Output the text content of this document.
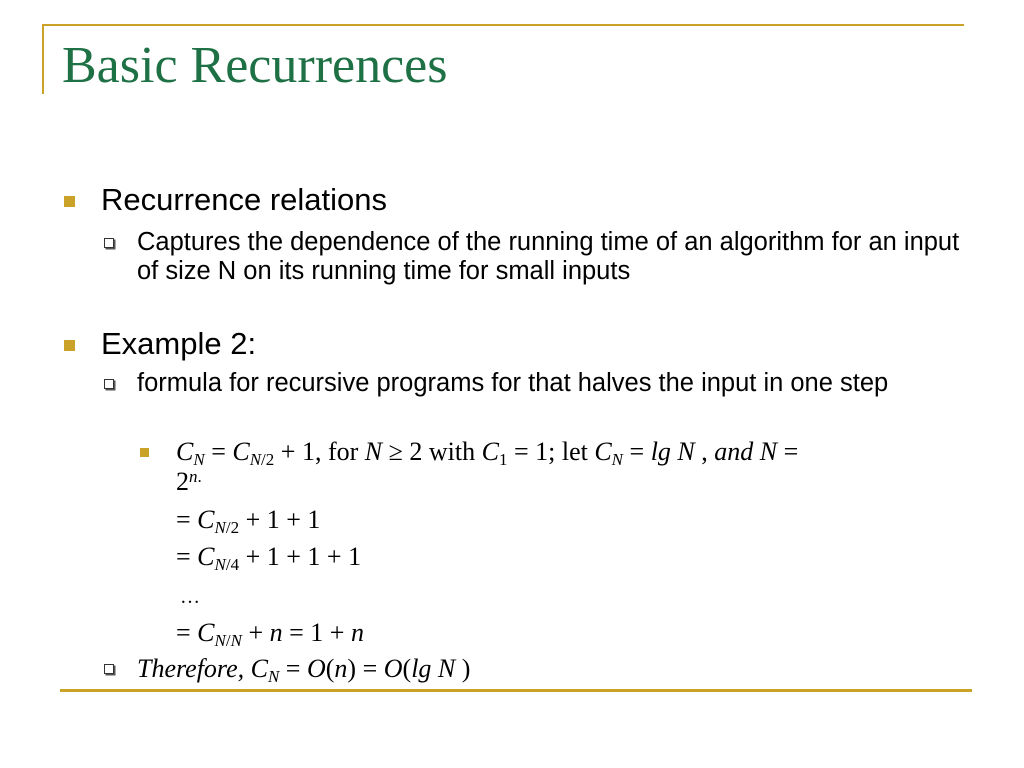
Basic Recurrences
Recurrence relations
Captures the dependence of the running time of an algorithm for an input of size N on its running time for small inputs
Example 2:
formula for recursive programs for that halves the input in one step
$C_N = C_{N/2} + 1$, for N ≥ 2 with $C_1 = 1$; let $C_N = \lg N$ , and N =
$2^{n.}$
= $C_{N/2} + 1 + 1$
= $C_{N/4} + 1 + 1 + 1$
…
= $C_{N/N} + n = 1 + n$
Therefore, $C_N = O(n) = O(\lg$ N )
